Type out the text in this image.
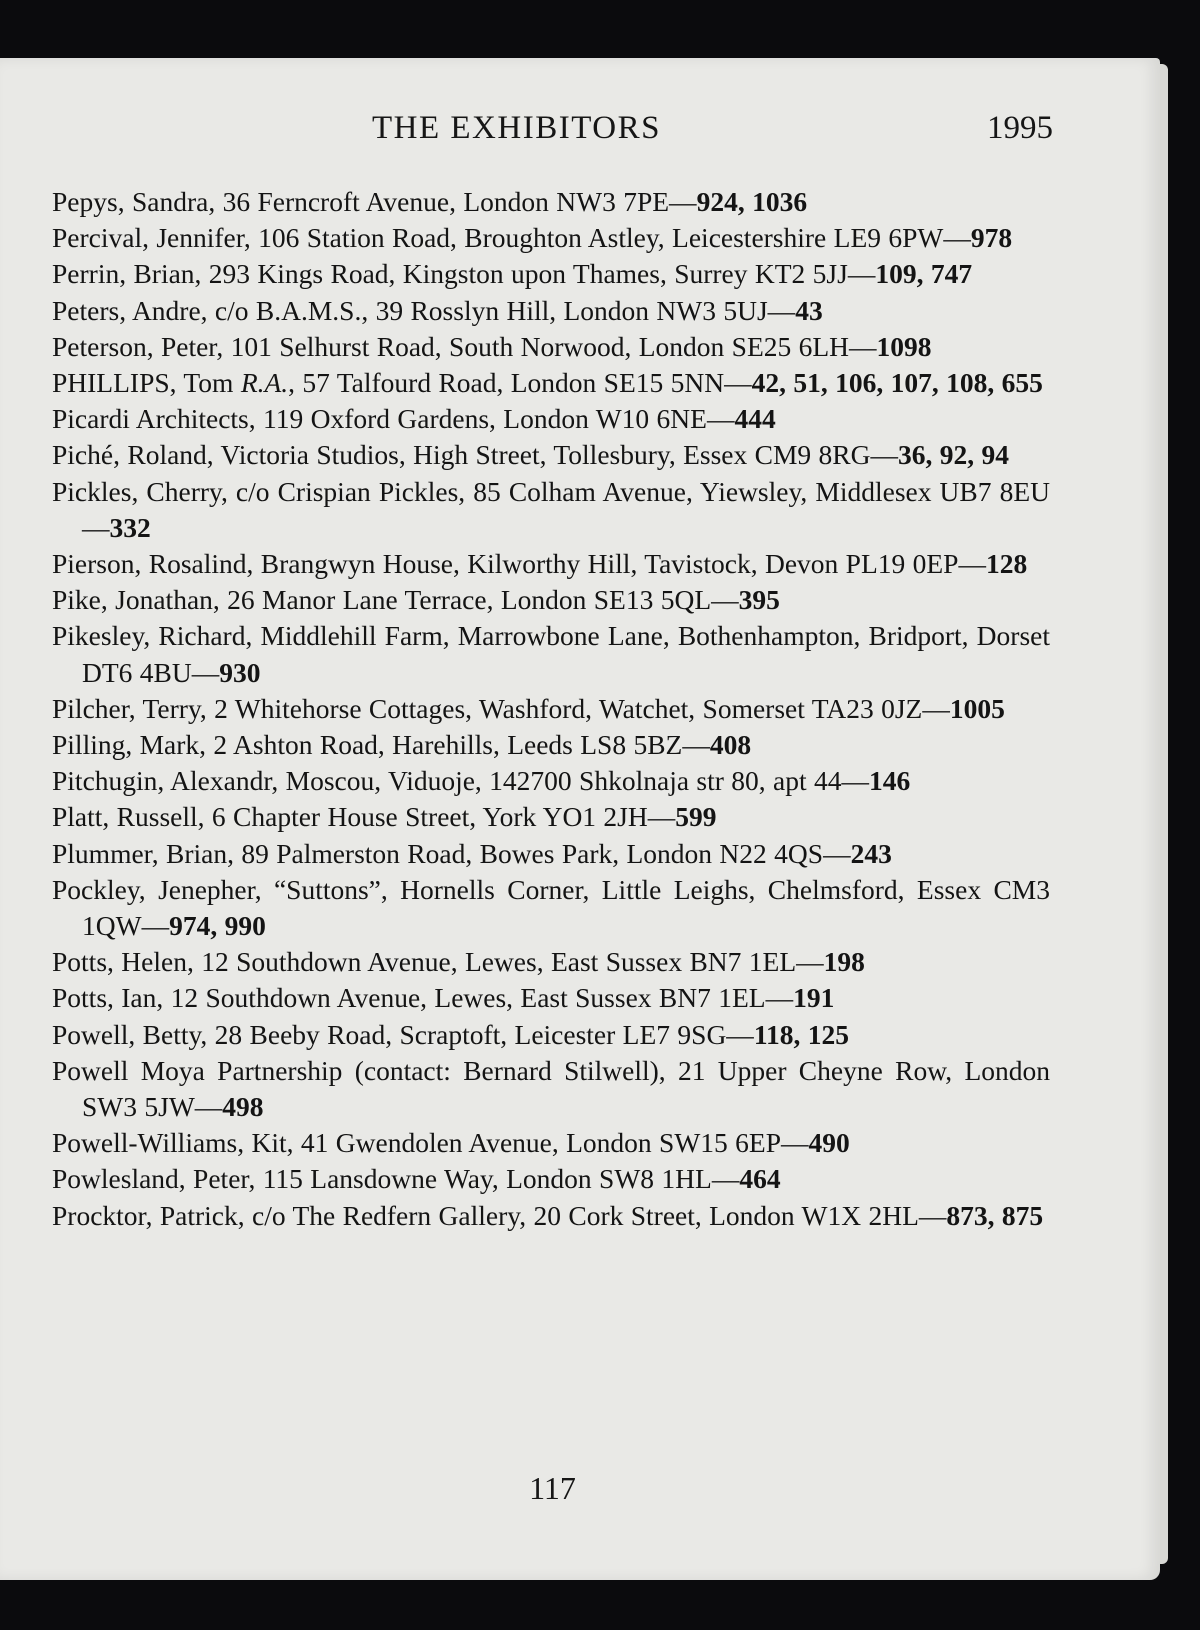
THE EXHIBITORS	1995
Pepys, Sandra, 36 Ferncroft Avenue, London NW3 7PE—924, 1036
Percival, Jennifer, 106 Station Road, Broughton Astley, Leicestershire LE9 6PW—978
Perrin, Brian, 293 Kings Road, Kingston upon Thames, Surrey KT2 5JJ—109, 747
Peters, Andre, c/o B.A.M.S., 39 Rosslyn Hill, London NW3 5UJ—43
Peterson, Peter, 101 Selhurst Road, South Norwood, London SE25 6LH—1098
PHILLIPS, Tom R.A., 57 Talfourd Road, London SE15 5NN—42, 51, 106, 107, 108, 655
Picardi Architects, 119 Oxford Gardens, London W10 6NE—444
Piché, Roland, Victoria Studios, High Street, Tollesbury, Essex CM9 8RG—36, 92, 94
Pickles, Cherry, c/o Crispian Pickles, 85 Colham Avenue, Yiewsley, Middlesex UB7 8EU—332
Pierson, Rosalind, Brangwyn House, Kilworthy Hill, Tavistock, Devon PL19 0EP—128
Pike, Jonathan, 26 Manor Lane Terrace, London SE13 5QL—395
Pikesley, Richard, Middlehill Farm, Marrowbone Lane, Bothenhampton, Bridport, Dorset DT6 4BU—930
Pilcher, Terry, 2 Whitehorse Cottages, Washford, Watchet, Somerset TA23 0JZ—1005
Pilling, Mark, 2 Ashton Road, Harehills, Leeds LS8 5BZ—408
Pitchugin, Alexandr, Moscou, Viduoje, 142700 Shkolnaja str 80, apt 44—146
Platt, Russell, 6 Chapter House Street, York YO1 2JH—599
Plummer, Brian, 89 Palmerston Road, Bowes Park, London N22 4QS—243
Pockley, Jenepher, “Suttons”, Hornells Corner, Little Leighs, Chelmsford, Essex CM3 1QW—974, 990
Potts, Helen, 12 Southdown Avenue, Lewes, East Sussex BN7 1EL—198
Potts, Ian, 12 Southdown Avenue, Lewes, East Sussex BN7 1EL—191
Powell, Betty, 28 Beeby Road, Scraptoft, Leicester LE7 9SG—118, 125
Powell Moya Partnership (contact: Bernard Stilwell), 21 Upper Cheyne Row, London SW3 5JW—498
Powell-Williams, Kit, 41 Gwendolen Avenue, London SW15 6EP—490
Powlesland, Peter, 115 Lansdowne Way, London SW8 1HL—464
Procktor, Patrick, c/o The Redfern Gallery, 20 Cork Street, London W1X 2HL—873, 875
117
